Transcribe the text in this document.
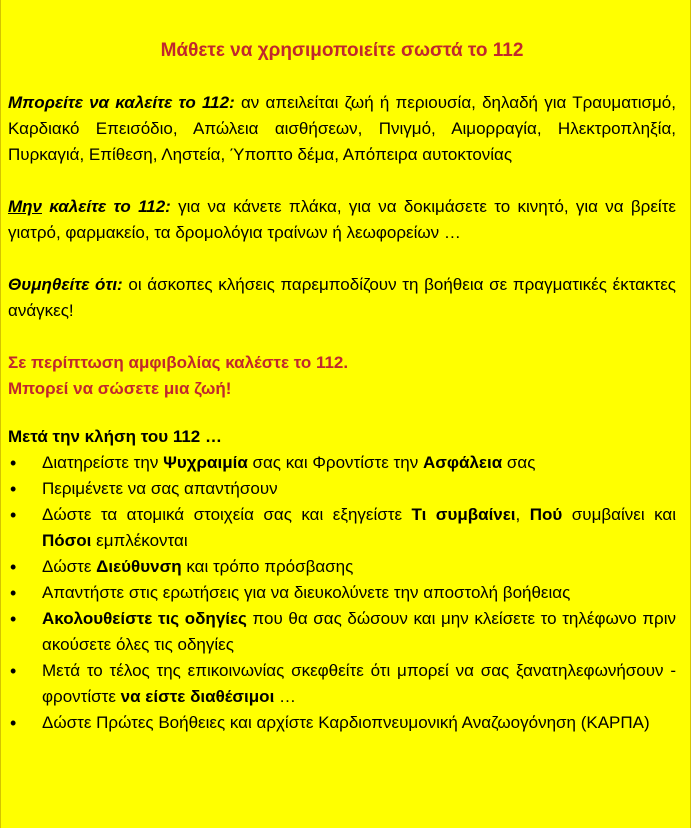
Μάθετε να χρησιμοποιείτε σωστά το 112

Μπορείτε να καλείτε το 112: αν απειλείται ζωή ή περιουσία, δηλαδή για Τραυματισμό, Καρδιακό Επεισόδιο, Απώλεια αισθήσεων, Πνιγμό, Αιμορραγία, Ηλεκτροπληξία, Πυρκαγιά, Επίθεση, Ληστεία, Ύποπτο δέμα, Απόπειρα αυτοκτονίας

Μην καλείτε το 112: για να κάνετε πλάκα, για να δοκιμάσετε το κινητό, για να βρείτε γιατρό, φαρμακείο, τα δρομολόγια τραίνων ή λεωφορείων …

Θυμηθείτε ότι: οι άσκοπες κλήσεις παρεμποδίζουν τη βοήθεια σε πραγματικές έκτακτες ανάγκες!

Σε περίπτωση αμφιβολίας καλέστε το 112.
Μπορεί να σώσετε μια ζωή!

Μετά την κλήση του 112 …

• Διατηρείστε την Ψυχραιμία σας και Φροντίστε την Ασφάλεια σας
• Περιμένετε να σας απαντήσουν
• Δώστε τα ατομικά στοιχεία σας και εξηγείστε Τι συμβαίνει, Πού συμβαίνει και Πόσοι εμπλέκονται
• Δώστε Διεύθυνση και τρόπο πρόσβασης
• Απαντήστε στις ερωτήσεις για να διευκολύνετε την αποστολή βοήθειας
• Ακολουθείστε τις οδηγίες που θα σας δώσουν και μην κλείσετε το τηλέφωνο πριν ακούσετε όλες τις οδηγίες
• Μετά το τέλος της επικοινωνίας σκεφθείτε ότι μπορεί να σας ξανατηλεφωνήσουν - φροντίστε να είστε διαθέσιμοι …
• Δώστε Πρώτες Βοήθειες και αρχίστε Καρδιοπνευμονική Αναζωογόνηση (ΚΑΡΠΑ)
